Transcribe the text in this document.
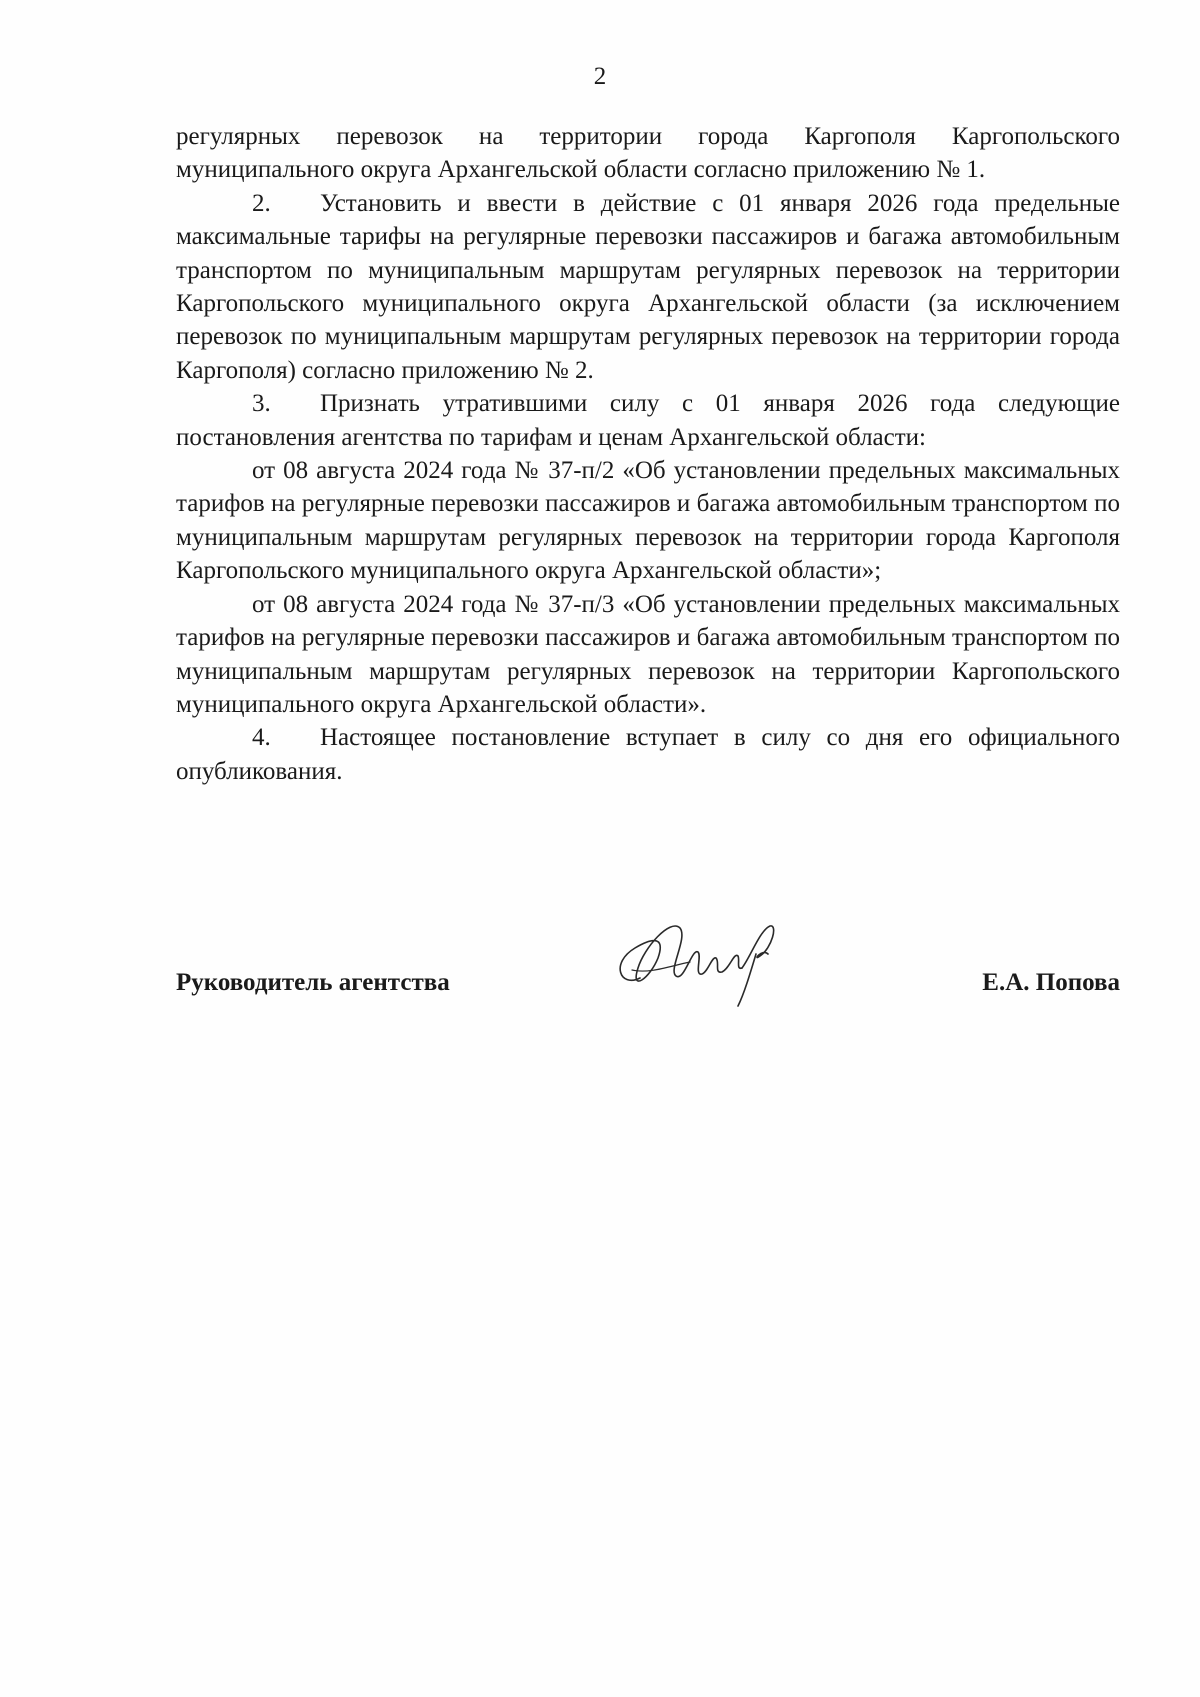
2

регулярных перевозок на территории города Каргополя Каргопольского муниципального округа Архангельской области согласно приложению № 1.

2. Установить и ввести в действие с 01 января 2026 года предельные максимальные тарифы на регулярные перевозки пассажиров и багажа автомобильным транспортом по муниципальным маршрутам регулярных перевозок на территории Каргопольского муниципального округа Архангельской области (за исключением перевозок по муниципальным маршрутам регулярных перевозок на территории города Каргополя) согласно приложению № 2.

3. Признать утратившими силу с 01 января 2026 года следующие постановления агентства по тарифам и ценам Архангельской области:

от 08 августа 2024 года № 37-п/2 «Об установлении предельных максимальных тарифов на регулярные перевозки пассажиров и багажа автомобильным транспортом по муниципальным маршрутам регулярных перевозок на территории города Каргополя Каргопольского муниципального округа Архангельской области»;

от 08 августа 2024 года № 37-п/3 «Об установлении предельных максимальных тарифов на регулярные перевозки пассажиров и багажа автомобильным транспортом по муниципальным маршрутам регулярных перевозок на территории Каргопольского муниципального округа Архангельской области».

4. Настоящее постановление вступает в силу со дня его официального опубликования.

Руководитель агентства	Е.А. Попова
